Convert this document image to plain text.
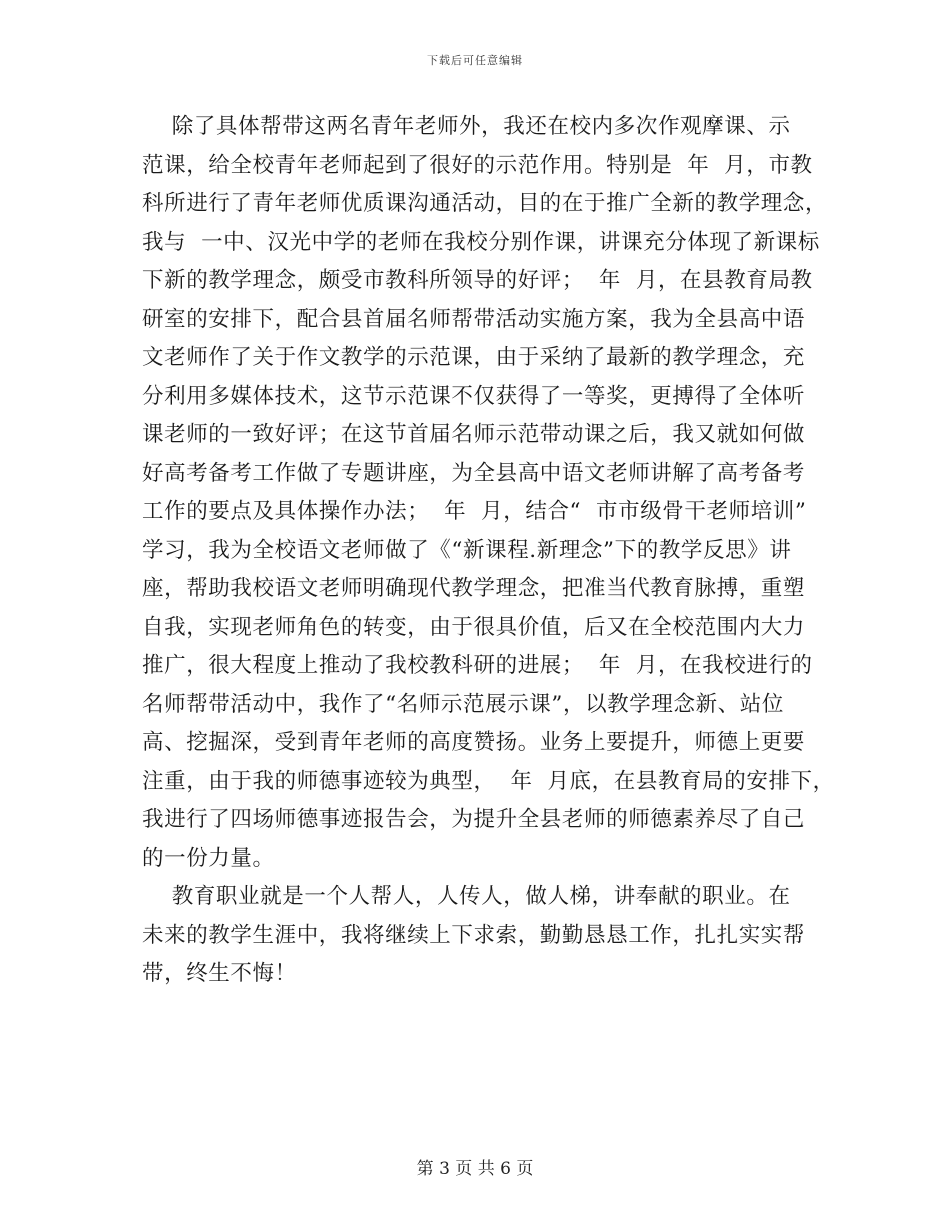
下载后可任意编辑
除了具体帮带这两名青年老师外，我还在校内多次作观摩课、示
范课，给全校青年老师起到了很好的示范作用。特别是  年  月，市教
科所进行了青年老师优质课沟通活动，目的在于推广全新的教学理念，
我与  一中、汉光中学的老师在我校分别作课，讲课充分体现了新课标
下新的教学理念，颇受市教科所领导的好评；  年  月，在县教育局教
研室的安排下，配合县首届名师帮带活动实施方案，我为全县高中语
文老师作了关于作文教学的示范课，由于采纳了最新的教学理念，充
分利用多媒体技术，这节示范课不仅获得了一等奖，更搏得了全体听
课老师的一致好评；在这节首届名师示范带动课之后，我又就如何做
好高考备考工作做了专题讲座，为全县高中语文老师讲解了高考备考
工作的要点及具体操作办法；  年  月，结合“  市市级骨干老师培训”
学习，我为全校语文老师做了《“新课程.新理念”下的教学反思》讲
座，帮助我校语文老师明确现代教学理念，把准当代教育脉搏，重塑
自我，实现老师角色的转变，由于很具价值，后又在全校范围内大力
推广，很大程度上推动了我校教科研的进展；  年  月，在我校进行的
名师帮带活动中，我作了“名师示范展示课”，以教学理念新、站位
高、挖掘深，受到青年老师的高度赞扬。业务上要提升，师德上更要
注重，由于我的师德事迹较为典型，  年  月底，在县教育局的安排下，
我进行了四场师德事迹报告会，为提升全县老师的师德素养尽了自己
的一份力量。
教育职业就是一个人帮人，人传人，做人梯，讲奉献的职业。在
未来的教学生涯中，我将继续上下求索，勤勤恳恳工作，扎扎实实帮
带，终生不悔！
第 3 页 共 6 页
